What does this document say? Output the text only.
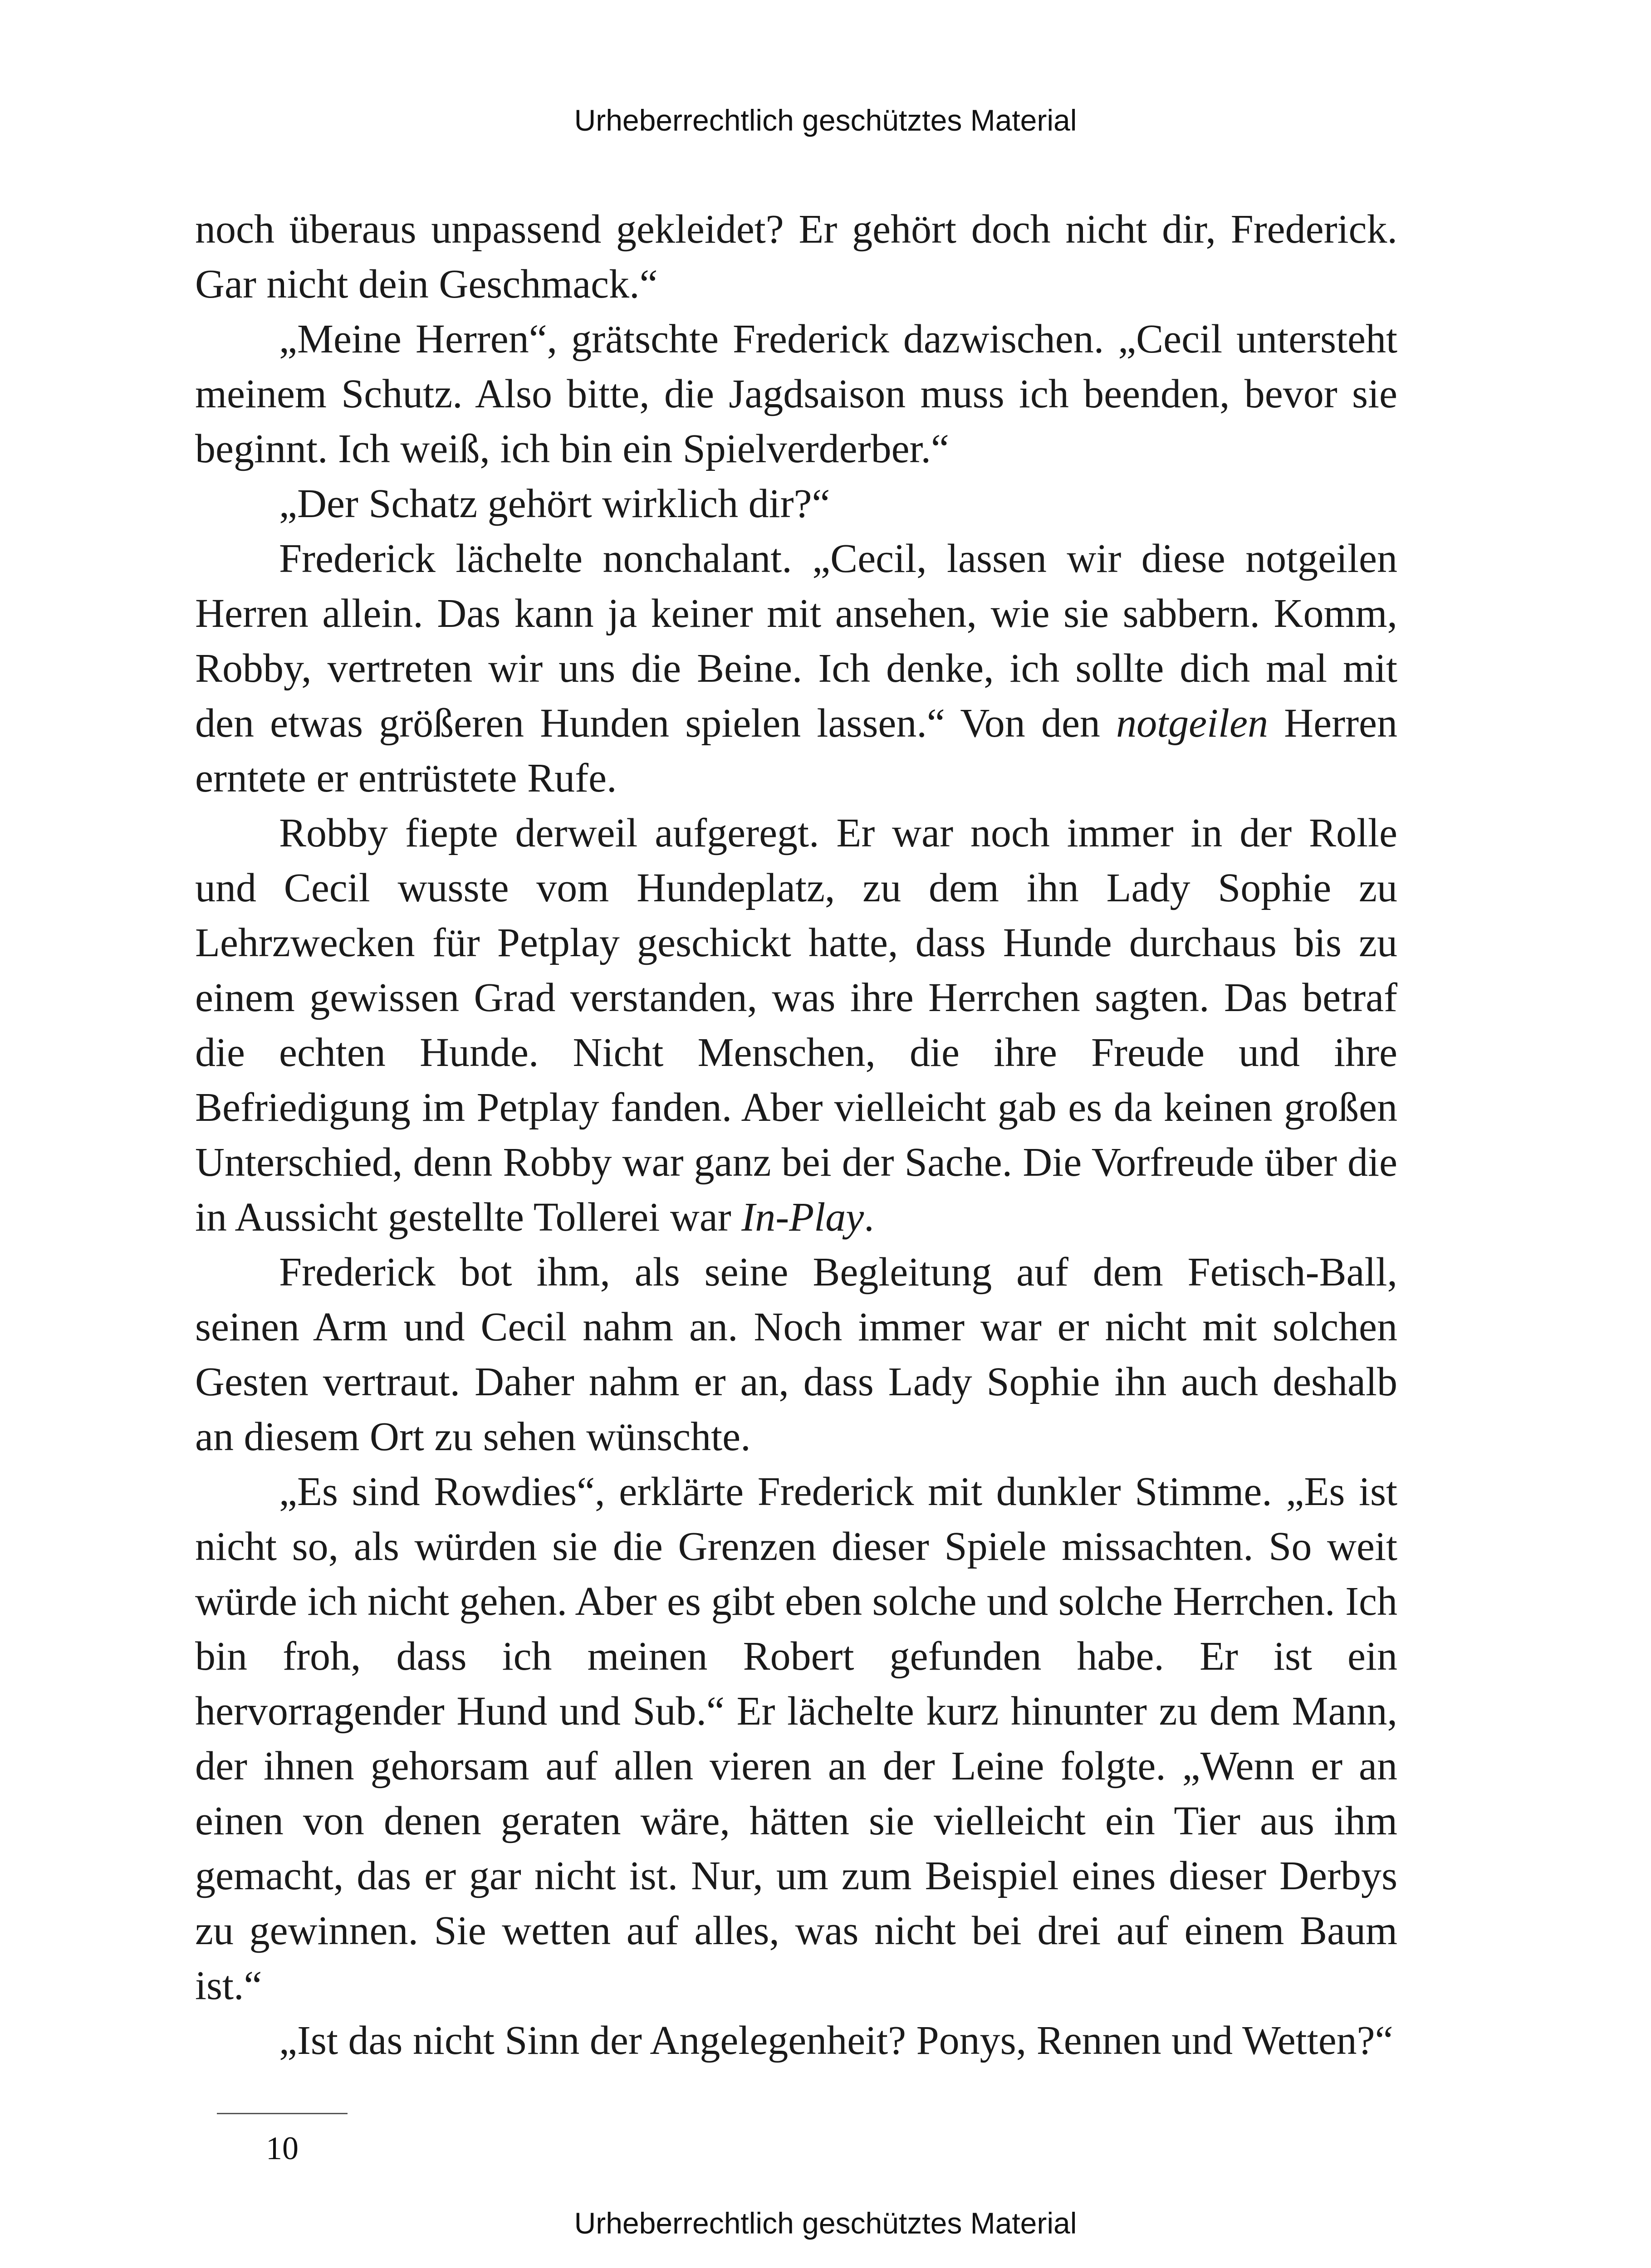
Urheberrechtlich geschütztes Material

noch überaus unpassend gekleidet? Er gehört doch nicht dir, Frederick. Gar nicht dein Geschmack.“

„Meine Herren“, grätschte Frederick dazwischen. „Cecil untersteht meinem Schutz. Also bitte, die Jagdsaison muss ich beenden, bevor sie beginnt. Ich weiß, ich bin ein Spielverderber.“

„Der Schatz gehört wirklich dir?“

Frederick lächelte nonchalant. „Cecil, lassen wir diese notgeilen Herren allein. Das kann ja keiner mit ansehen, wie sie sabbern. Komm, Robby, vertreten wir uns die Beine. Ich denke, ich sollte dich mal mit den etwas größeren Hunden spielen lassen.“ Von den notgeilen Herren erntete er entrüstete Rufe.

Robby fiepte derweil aufgeregt. Er war noch immer in der Rolle und Cecil wusste vom Hundeplatz, zu dem ihn Lady Sophie zu Lehrzwecken für Petplay geschickt hatte, dass Hunde durchaus bis zu einem gewissen Grad verstanden, was ihre Herrchen sagten. Das betraf die echten Hunde. Nicht Menschen, die ihre Freude und ihre Befriedigung im Petplay fanden. Aber vielleicht gab es da keinen großen Unterschied, denn Robby war ganz bei der Sache. Die Vorfreude über die in Aussicht gestellte Tollerei war In-Play.

Frederick bot ihm, als seine Begleitung auf dem Fetisch-Ball, seinen Arm und Cecil nahm an. Noch immer war er nicht mit solchen Gesten vertraut. Daher nahm er an, dass Lady Sophie ihn auch deshalb an diesem Ort zu sehen wünschte.

„Es sind Rowdies“, erklärte Frederick mit dunkler Stimme. „Es ist nicht so, als würden sie die Grenzen dieser Spiele missachten. So weit würde ich nicht gehen. Aber es gibt eben solche und solche Herrchen. Ich bin froh, dass ich meinen Robert gefunden habe. Er ist ein hervorragender Hund und Sub.“ Er lächelte kurz hinunter zu dem Mann, der ihnen gehorsam auf allen vieren an der Leine folgte. „Wenn er an einen von denen geraten wäre, hätten sie vielleicht ein Tier aus ihm gemacht, das er gar nicht ist. Nur, um zum Beispiel eines dieser Derbys zu gewinnen. Sie wetten auf alles, was nicht bei drei auf einem Baum ist.“

„Ist das nicht Sinn der Angelegenheit? Ponys, Rennen und Wetten?“

10
Urheberrechtlich geschütztes Material
